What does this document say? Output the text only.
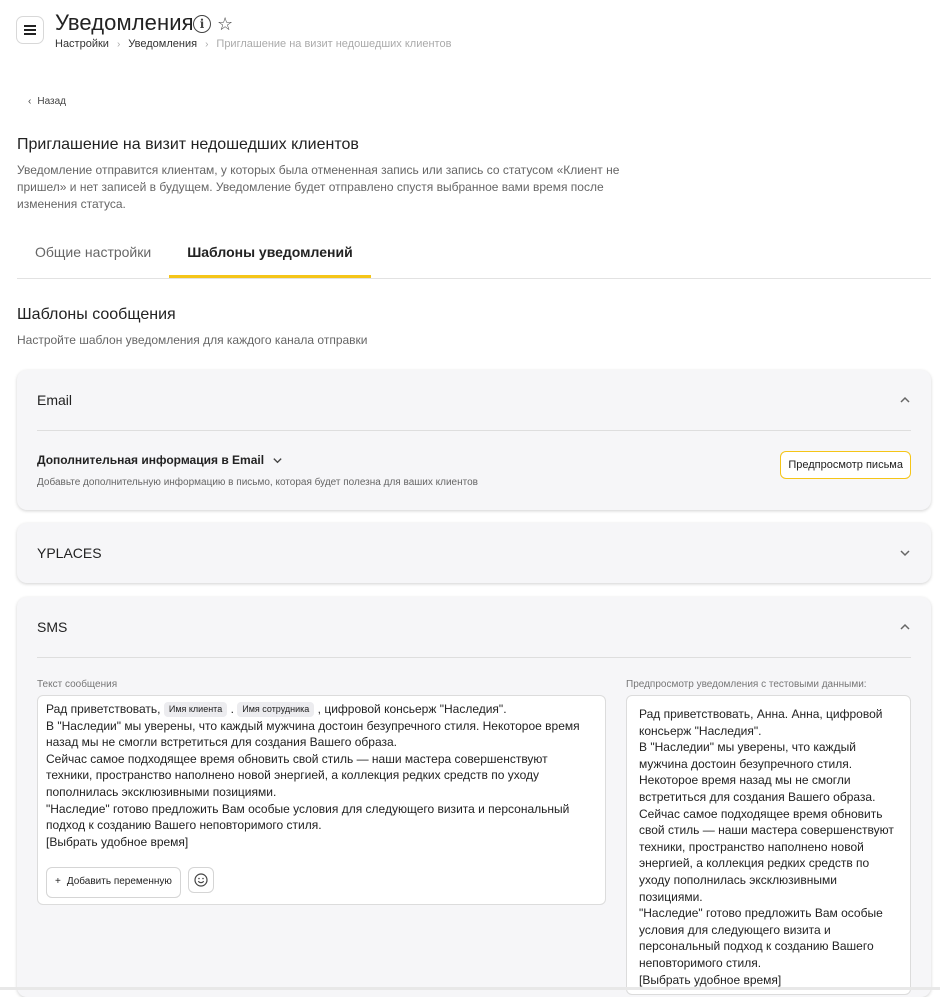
Уведомления i ☆
Настройки › Уведомления › Приглашение на визит недошедших клиентов
‹ Назад
Приглашение на визит недошедших клиентов
Уведомление отправится клиентам, у которых была отмененная запись или запись со статусом «Клиент не пришел» и нет записей в будущем. Уведомление будет отправлено спустя выбранное вами время после изменения статуса.
Общие настройки	Шаблоны уведомлений
Шаблоны сообщения
Настройте шаблон уведомления для каждого канала отправки
Email
Дополнительная информация в Email
Добавьте дополнительную информацию в письмо, которая будет полезна для ваших клиентов
Предпросмотр письма
YPLACES
SMS
Текст сообщения
Рад приветствовать, Имя клиента . Имя сотрудника , цифровой консьерж "Наследия".
В "Наследии" мы уверены, что каждый мужчина достоин безупречного стиля. Некоторое время назад мы не смогли встретиться для создания Вашего образа.
Сейчас самое подходящее время обновить свой стиль — наши мастера совершенствуют техники, пространство наполнено новой энергией, а коллекция редких средств по уходу пополнилась эксклюзивными позициями.
"Наследие" готово предложить Вам особые условия для следующего визита и персональный подход к созданию Вашего неповторимого стиля.
[Выбрать удобное время]
+ Добавить переменную
Предпросмотр уведомления с тестовыми данными:
Рад приветствовать, Анна. Анна, цифровой консьерж "Наследия".
В "Наследии" мы уверены, что каждый мужчина достоин безупречного стиля. Некоторое время назад мы не смогли встретиться для создания Вашего образа.
Сейчас самое подходящее время обновить свой стиль — наши мастера совершенствуют техники, пространство наполнено новой энергией, а коллекция редких средств по уходу пополнилась эксклюзивными позициями.
"Наследие" готово предложить Вам особые условия для следующего визита и персональный подход к созданию Вашего неповторимого стиля.
[Выбрать удобное время]
